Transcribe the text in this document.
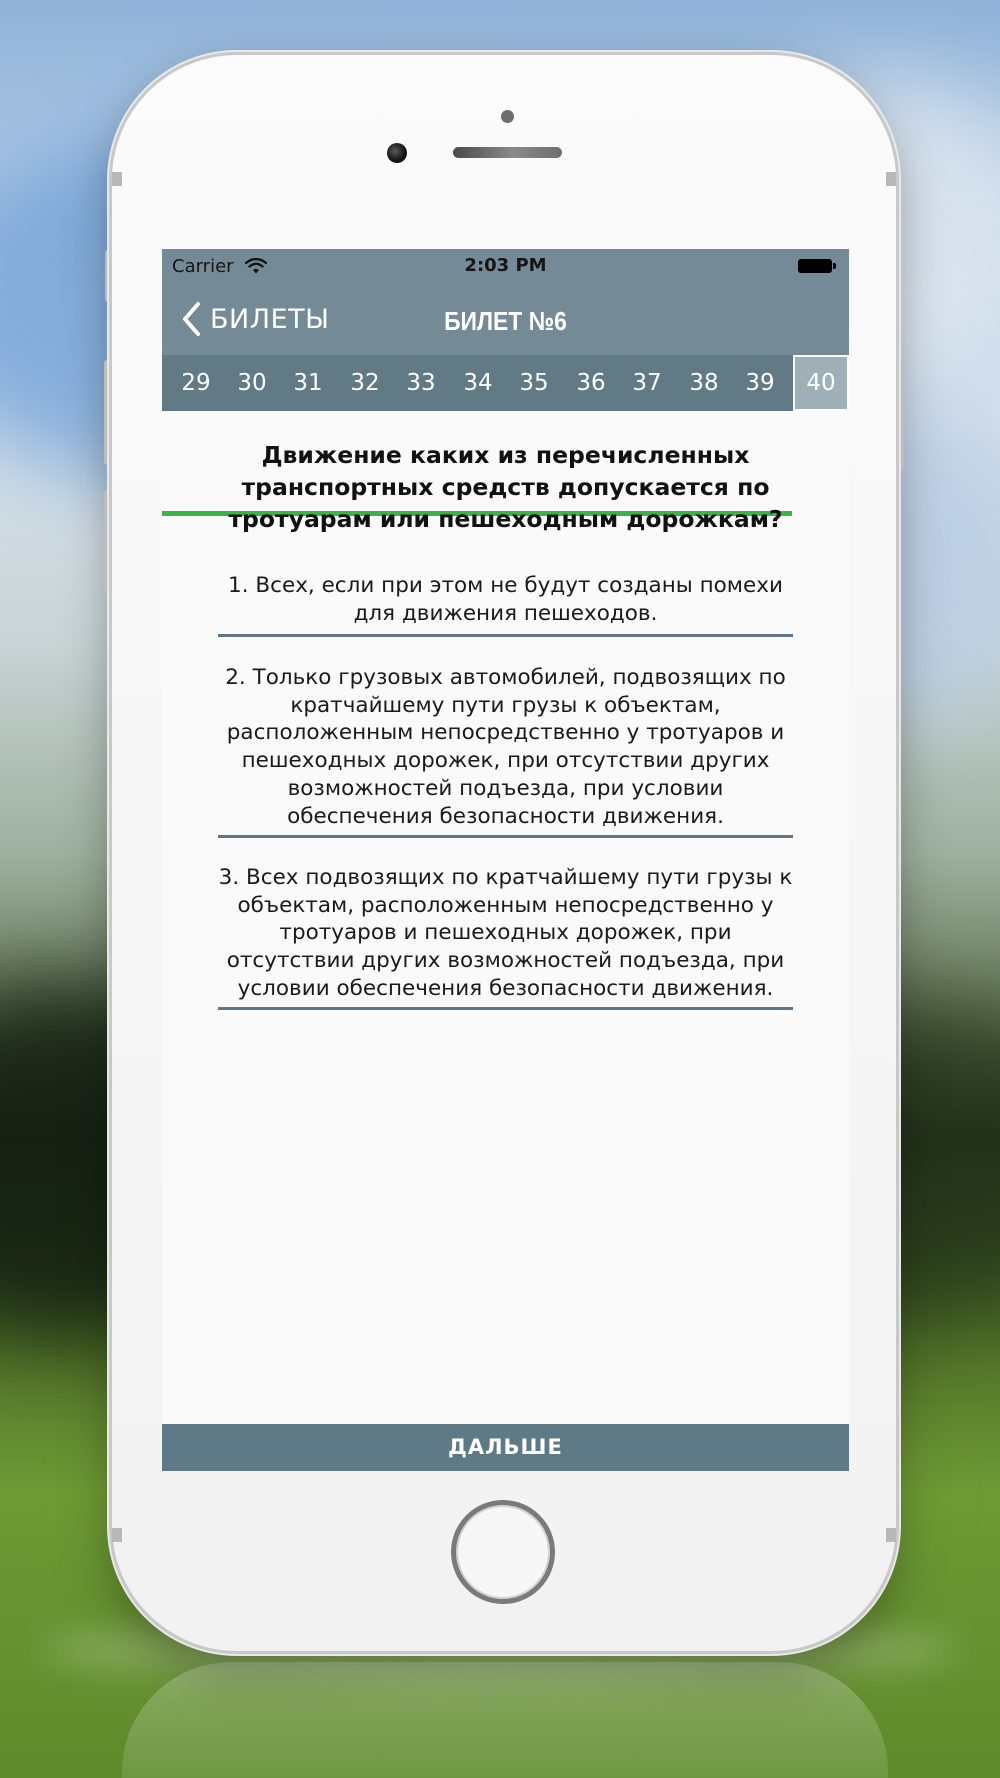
Carrier	2:03 PM
БИЛЕТЫ	БИЛЕТ №6
29	30	31	32	33	34	35	36	37	38	39	40
Движение каких из перечисленных транспортных средств допускается по тротуарам или пешеходным дорожкам?
1. Всех, если при этом не будут созданы помехи для движения пешеходов.
2. Только грузовых автомобилей, подвозящих по кратчайшему пути грузы к объектам, расположенным непосредственно у тротуаров и пешеходных дорожек, при отсутствии других возможностей подъезда, при условии обеспечения безопасности движения.
3. Всех подвозящих по кратчайшему пути грузы к объектам, расположенным непосредственно у тротуаров и пешеходных дорожек, при отсутствии других возможностей подъезда, при условии обеспечения безопасности движения.
ДАЛЬШЕ
